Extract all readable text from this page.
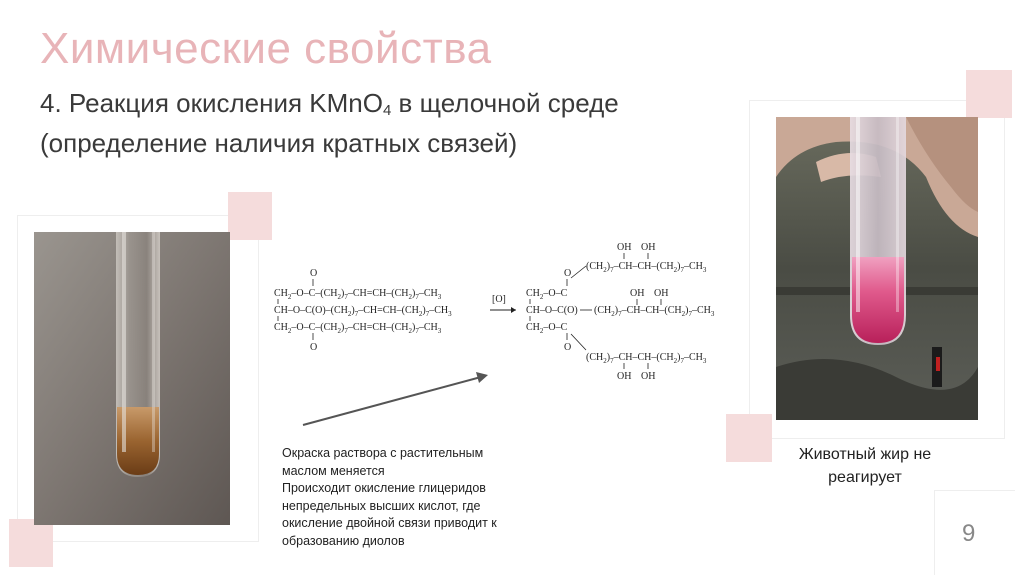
Химические свойства
4. Реакция окисления KMnO$_4$ в щелочной среде
(определение наличия кратных связей)
O
$CH_2-O-C-(CH_2)_7-CH=CH-(CH_2)_7-CH_3$
$CH-O-C(O)-(CH_2)_7-CH=CH-(CH_2)_7-CH_3$
$CH_2-O-C-(CH_2)_7-CH=CH-(CH_2)_7-CH_3$
O
[O]
OH OH
$(CH_2)_7-CH-CH-(CH_2)_7-CH_3$
O
$CH_2-O-C$	OH OH
CH–O–C(O) $(CH_2)_7-CH-CH-(CH_2)_7-CH_3$
$CH_2-O-C$
O
$(CH_2)_7-CH-CH-(CH_2)_7-CH_3$
OH OH
Окраска раствора с растительным
маслом меняется
Происходит окисление глицеридов
непредельных высших кислот, где
окисление двойной связи приводит к
образованию диолов
Животный жир не
реагирует
9
